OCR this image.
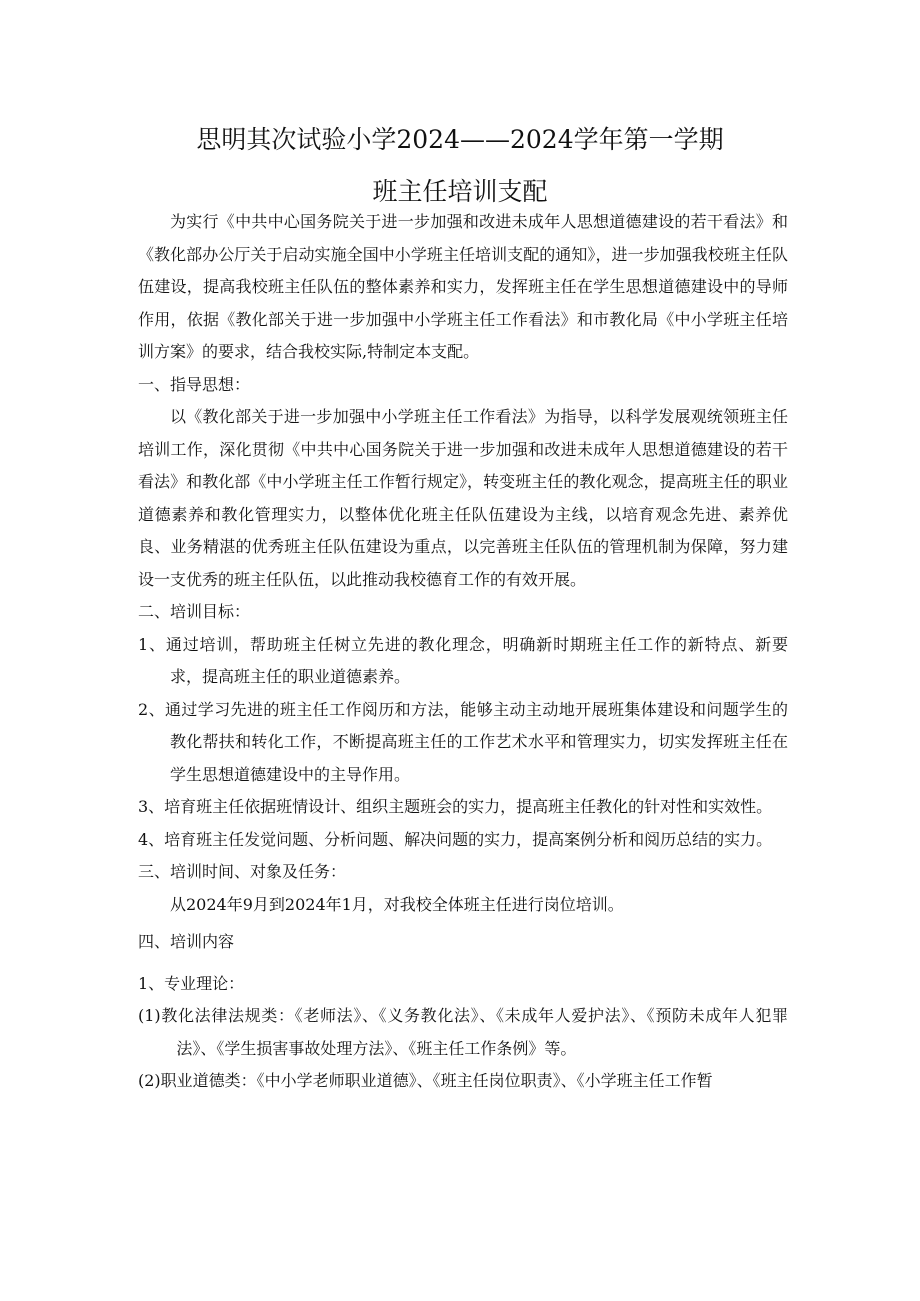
思明其次试验小学2024——2024学年第一学期
班主任培训支配

为实行《中共中心国务院关于进一步加强和改进未成年人思想道德建设的若干看法》和《教化部办公厅关于启动实施全国中小学班主任培训支配的通知》，进一步加强我校班主任队伍建设，提高我校班主任队伍的整体素养和实力，发挥班主任在学生思想道德建设中的导师作用，依据《教化部关于进一步加强中小学班主任工作看法》和市教化局《中小学班主任培训方案》的要求，结合我校实际,特制定本支配。

一、指导思想：

以《教化部关于进一步加强中小学班主任工作看法》为指导，以科学发展观统领班主任培训工作，深化贯彻《中共中心国务院关于进一步加强和改进未成年人思想道德建设的若干看法》和教化部《中小学班主任工作暂行规定》，转变班主任的教化观念，提高班主任的职业道德素养和教化管理实力，以整体优化班主任队伍建设为主线，以培育观念先进、素养优良、业务精湛的优秀班主任队伍建设为重点，以完善班主任队伍的管理机制为保障，努力建设一支优秀的班主任队伍，以此推动我校德育工作的有效开展。

二、培训目标：

1、通过培训，帮助班主任树立先进的教化理念，明确新时期班主任工作的新特点、新要求，提高班主任的职业道德素养。

2、通过学习先进的班主任工作阅历和方法，能够主动主动地开展班集体建设和问题学生的教化帮扶和转化工作，不断提高班主任的工作艺术水平和管理实力，切实发挥班主任在学生思想道德建设中的主导作用。

3、培育班主任依据班情设计、组织主题班会的实力，提高班主任教化的针对性和实效性。

4、培育班主任发觉问题、分析问题、解决问题的实力，提高案例分析和阅历总结的实力。

三、培训时间、对象及任务：

从2024年9月到2024年1月，对我校全体班主任进行岗位培训。

四、培训内容

1、专业理论：

(1)教化法律法规类：《老师法》、《义务教化法》、《未成年人爱护法》、《预防未成年人犯罪法》、《学生损害事故处理方法》、《班主任工作条例》等。

(2)职业道德类：《中小学老师职业道德》、《班主任岗位职责》、《小学班主任工作暂
